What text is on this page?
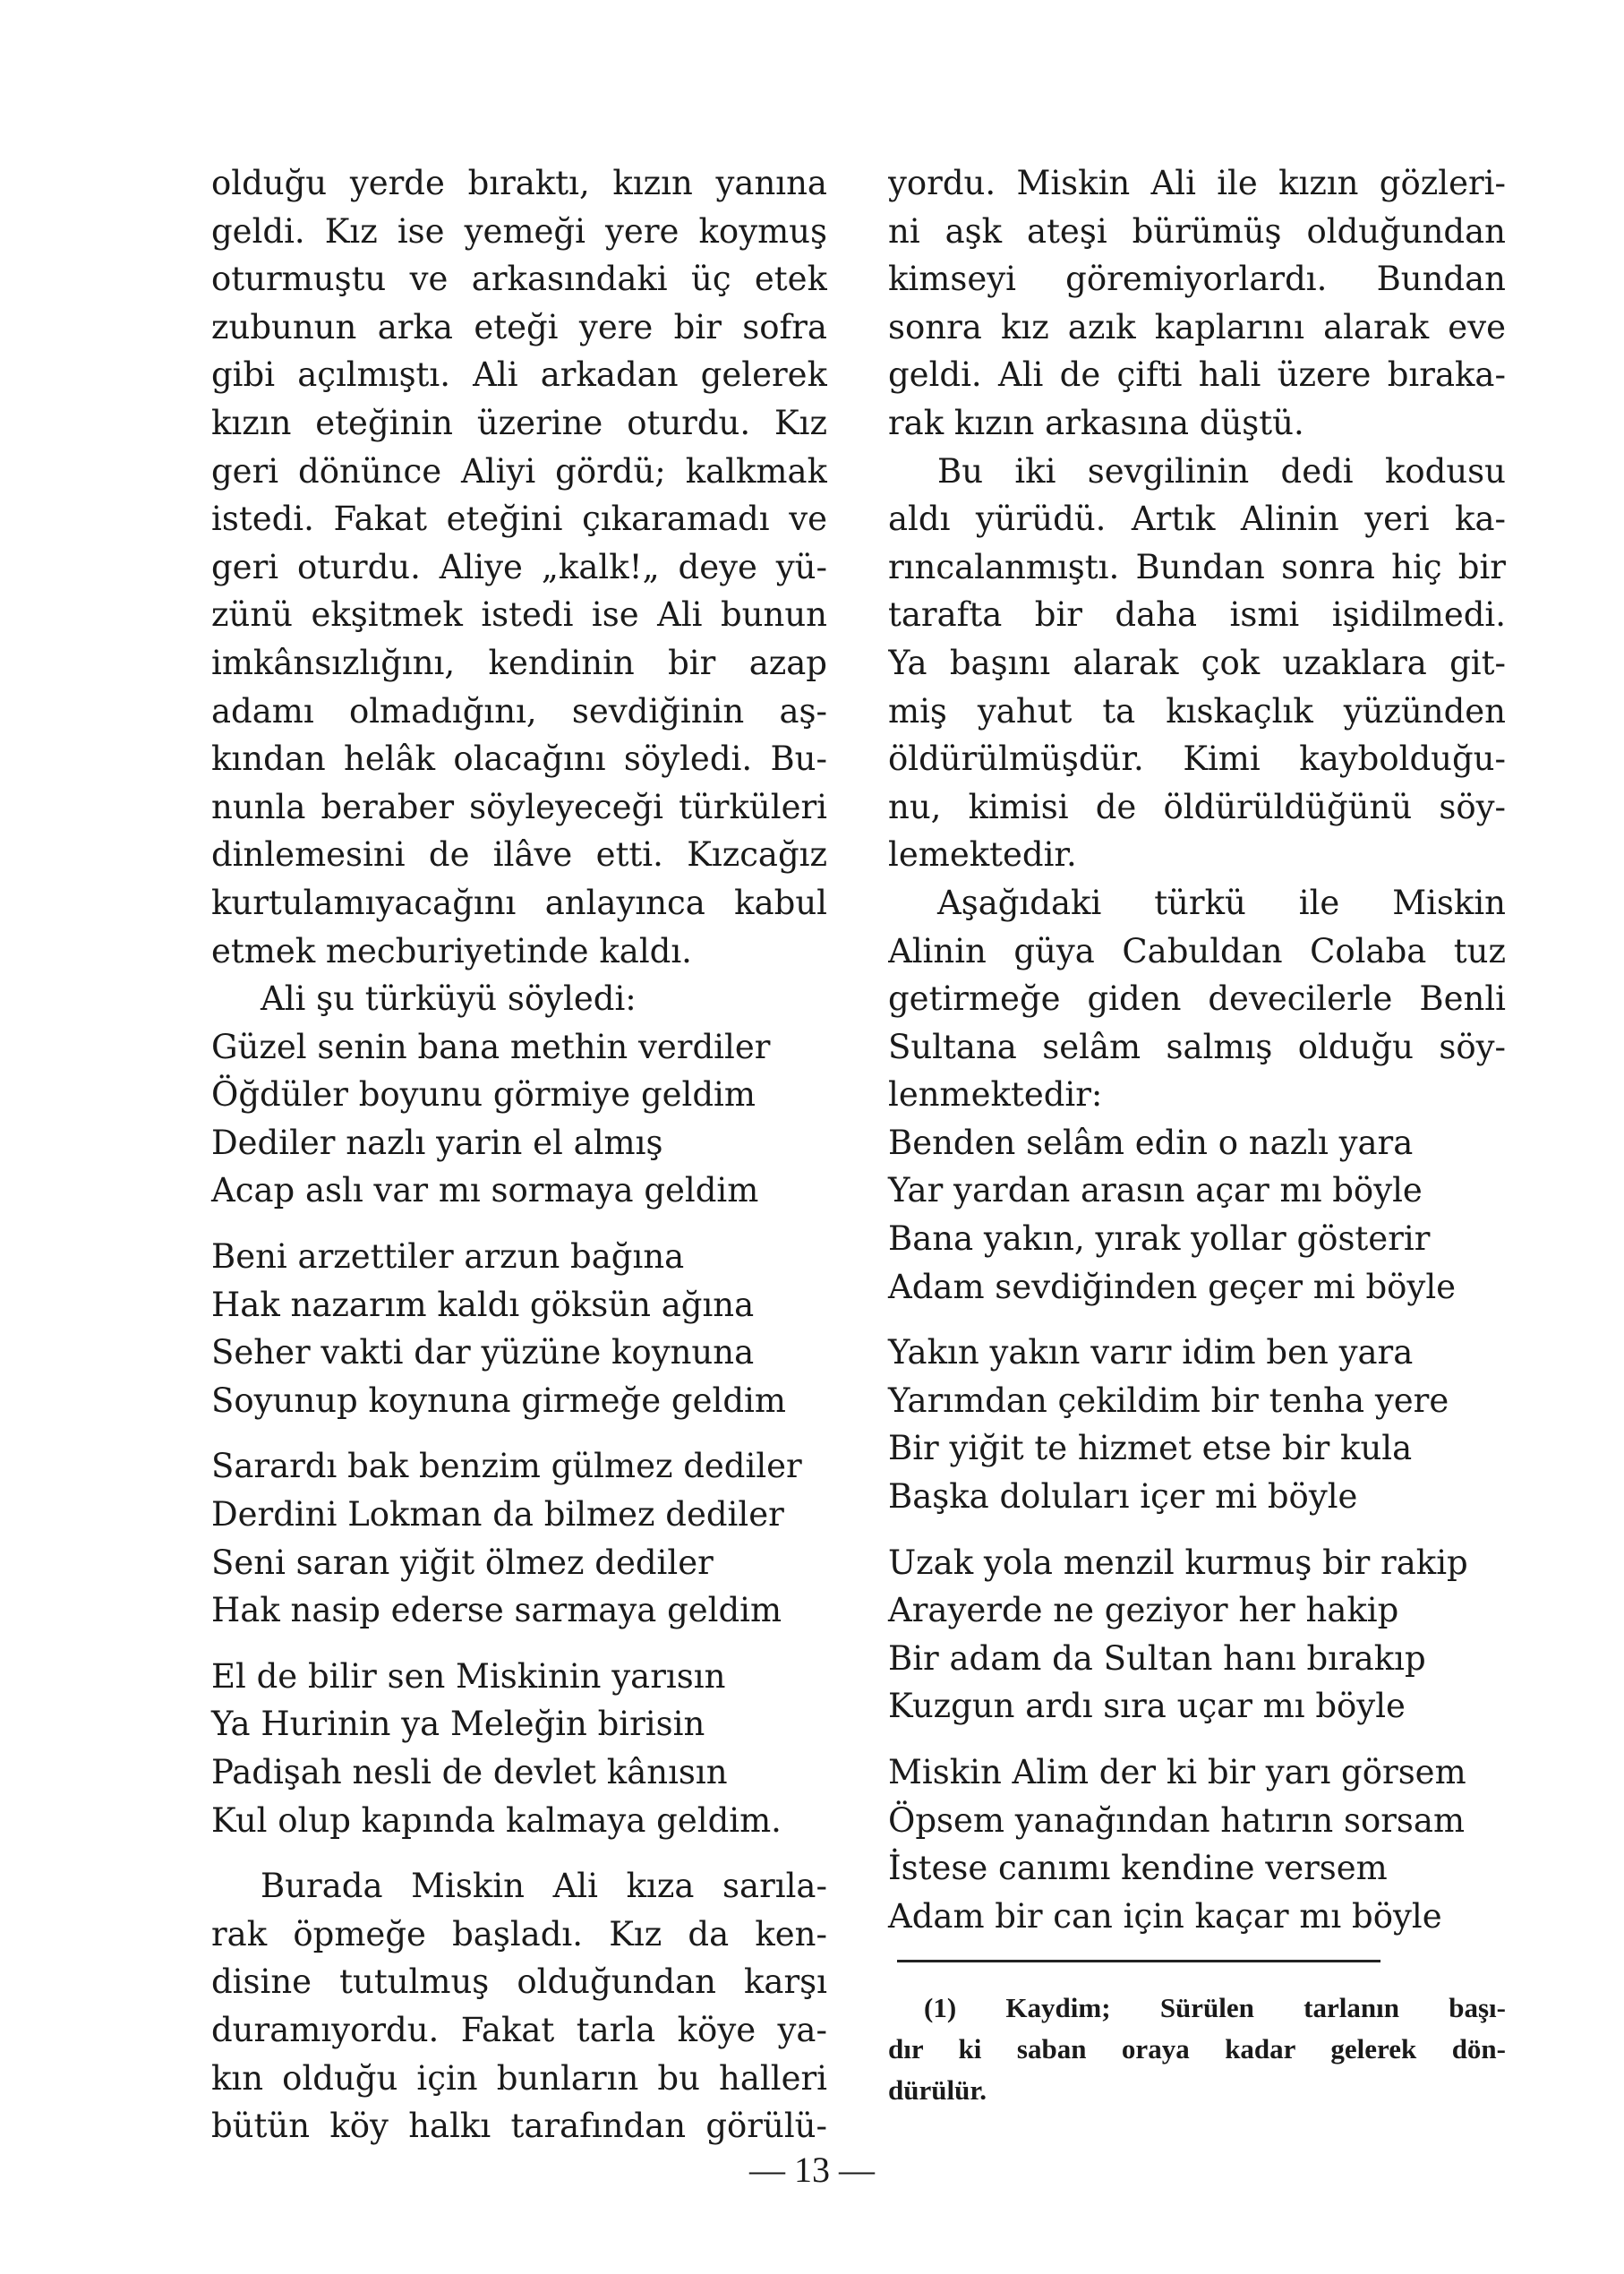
olduğu yerde bıraktı, kızın yanına
geldi. Kız ise yemeği yere koymuş
oturmuştu ve arkasındaki üç etek
zubunun arka eteği yere bir sofra
gibi açılmıştı. Ali arkadan gelerek
kızın eteğinin üzerine oturdu. Kız
geri dönünce Aliyi gördü; kalkmak
istedi. Fakat eteğini çıkaramadı ve
geri oturdu. Aliye „kalk!„ deye yü-
zünü ekşitmek istedi ise Ali bunun
imkânsızlığını, kendinin bir azap
adamı olmadığını, sevdiğinin aş-
kından helâk olacağını söyledi. Bu-
nunla beraber söyleyeceği türküleri
dinlemesini de ilâve etti. Kızcağız
kurtulamıyacağını anlayınca kabul
etmek mecburiyetinde kaldı.
Ali şu türküyü söyledi:
Güzel senin bana methin verdiler
Öğdüler boyunu görmiye geldim
Dediler nazlı yarin el almış
Acap aslı var mı sormaya geldim
Beni arzettiler arzun bağına
Hak nazarım kaldı göksün ağına
Seher vakti dar yüzüne koynuna
Soyunup koynuna girmeğe geldim
Sarardı bak benzim gülmez dediler
Derdini Lokman da bilmez dediler
Seni saran yiğit ölmez dediler
Hak nasip ederse sarmaya geldim
El de bilir sen Miskinin yarısın
Ya Hurinin ya Meleğin birisin
Padişah nesli de devlet kânısın
Kul olup kapında kalmaya geldim.
Burada Miskin Ali kıza sarıla-
rak öpmeğe başladı. Kız da ken-
disine tutulmuş olduğundan karşı
duramıyordu. Fakat tarla köye ya-
kın olduğu için bunların bu halleri
bütün köy halkı tarafından görülü-
yordu. Miskin Ali ile kızın gözleri-
ni aşk ateşi bürümüş olduğundan
kimseyi göremiyorlardı. Bundan
sonra kız azık kaplarını alarak eve
geldi. Ali de çifti hali üzere bıraka-
rak kızın arkasına düştü.
Bu iki sevgilinin dedi kodusu
aldı yürüdü. Artık Alinin yeri ka-
rıncalanmıştı. Bundan sonra hiç bir
tarafta bir daha ismi işidilmedi.
Ya başını alarak çok uzaklara git-
miş yahut ta kıskaçlık yüzünden
öldürülmüşdür. Kimi kaybolduğu-
nu, kimisi de öldürüldüğünü söy-
lemektedir.
Aşağıdaki türkü ile Miskin
Alinin güya Cabuldan Colaba tuz
getirmeğe giden devecilerle Benli
Sultana selâm salmış olduğu söy-
lenmektedir:
Benden selâm edin o nazlı yara
Yar yardan arasın açar mı böyle
Bana yakın, yırak yollar gösterir
Adam sevdiğinden geçer mi böyle
Yakın yakın varır idim ben yara
Yarımdan çekildim bir tenha yere
Bir yiğit te hizmet etse bir kula
Başka doluları içer mi böyle
Uzak yola menzil kurmuş bir rakip
Arayerde ne geziyor her hakip
Bir adam da Sultan hanı bırakıp
Kuzgun ardı sıra uçar mı böyle
Miskin Alim der ki bir yarı görsem
Öpsem yanağından hatırın sorsam
İstese canımı kendine versem
Adam bir can için kaçar mı böyle
(1) Kaydim; Sürülen tarlanın başı-
dır ki saban oraya kadar gelerek dön-
dürülür.
— 13 —
